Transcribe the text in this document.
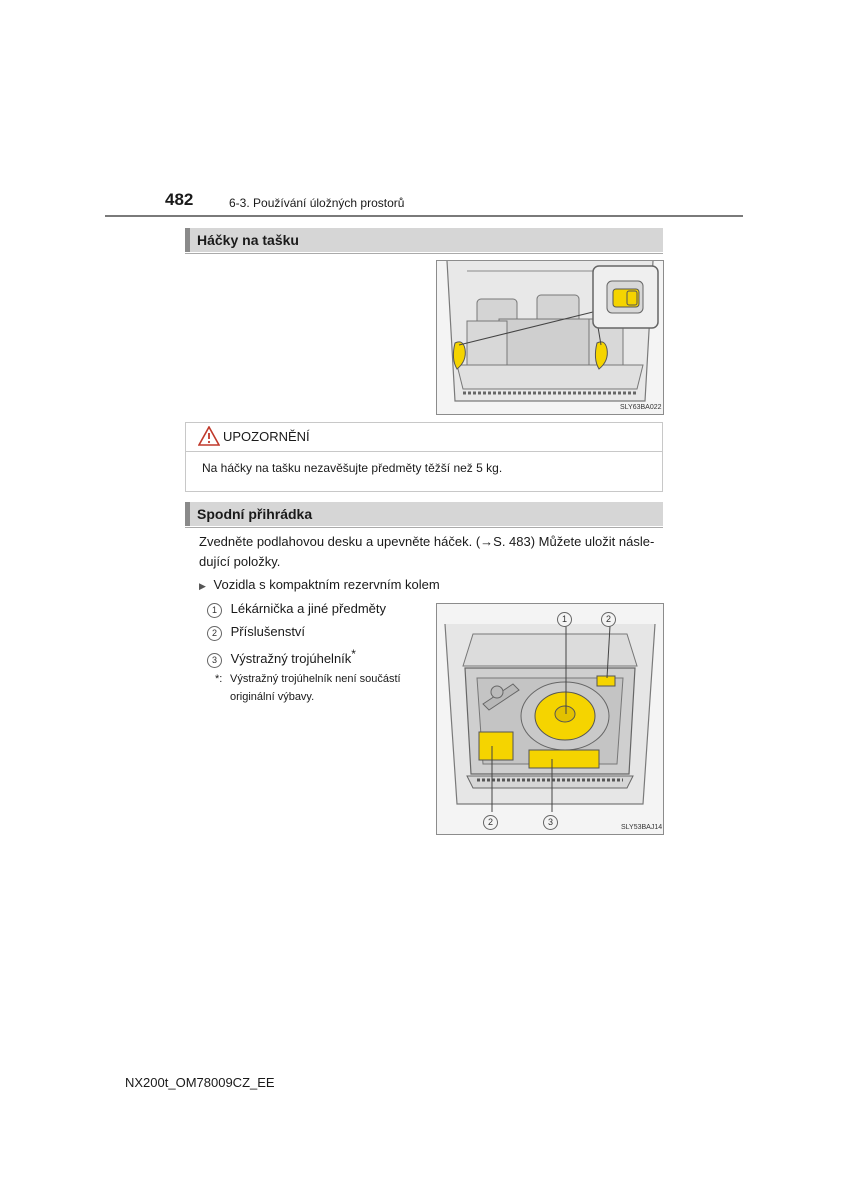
482	6-3. Používání úložných prostorů
Háčky na tašku
SLY63BA022
UPOZORNĚNÍ
Na háčky na tašku nezavěšujte předměty těžší než 5 kg.
Spodní přihrádka
Zvedněte podlahovou desku a upevněte háček. (→S. 483) Můžete uložit násle-
dující položky.
▶ Vozidla s kompaktním rezervním kolem
1 Lékárnička a jiné předměty
2 Příslušenství
3 Výstražný trojúhelník*
*: Výstražný trojúhelník není součástí
originální výbavy.
1	2
2	3
SLY53BAJ14
NX200t_OM78009CZ_EE
